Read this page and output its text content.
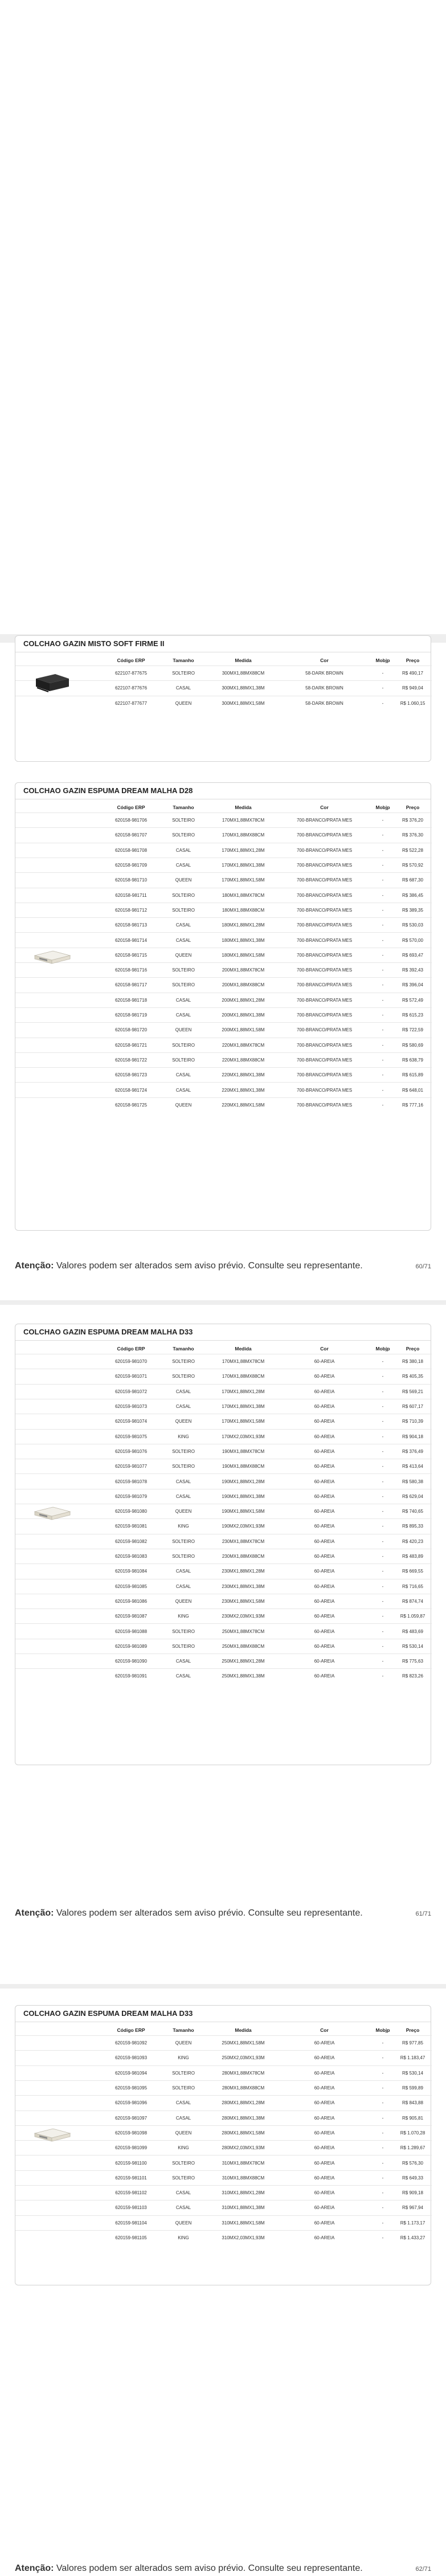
COLCHAO GAZIN MISTO SOFT FIRME II
Código ERP	Tamanho	Medida	Cor	Mobjp	Preço
622107-877675	SOLTEIRO	300MX1,88MX88CM	58-DARK BROWN	-	R$ 490,17
622107-877676	CASAL	300MX1,88MX1,38M	58-DARK BROWN	-	R$ 949,04
622107-877677	QUEEN	300MX1,88MX1,58M	58-DARK BROWN	-	R$ 1.060,15
COLCHAO GAZIN ESPUMA DREAM MALHA D28
Código ERP	Tamanho	Medida	Cor	Mobjp	Preço
620158-981706	SOLTEIRO	170MX1,88MX78CM	700-BRANCO/PRATA MES	-	R$ 376,20
620158-981707	SOLTEIRO	170MX1,88MX88CM	700-BRANCO/PRATA MES	-	R$ 376,30
620158-981708	CASAL	170MX1,88MX1,28M	700-BRANCO/PRATA MES	-	R$ 522,28
620158-981709	CASAL	170MX1,88MX1,38M	700-BRANCO/PRATA MES	-	R$ 570,92
620158-981710	QUEEN	170MX1,88MX1,58M	700-BRANCO/PRATA MES	-	R$ 687,30
620158-981711	SOLTEIRO	180MX1,88MX78CM	700-BRANCO/PRATA MES	-	R$ 386,45
620158-981712	SOLTEIRO	180MX1,88MX88CM	700-BRANCO/PRATA MES	-	R$ 389,35
620158-981713	CASAL	180MX1,88MX1,28M	700-BRANCO/PRATA MES	-	R$ 530,03
620158-981714	CASAL	180MX1,88MX1,38M	700-BRANCO/PRATA MES	-	R$ 570,00
620158-981715	QUEEN	180MX1,88MX1,58M	700-BRANCO/PRATA MES	-	R$ 693,47
620158-981716	SOLTEIRO	200MX1,88MX78CM	700-BRANCO/PRATA MES	-	R$ 392,43
620158-981717	SOLTEIRO	200MX1,88MX88CM	700-BRANCO/PRATA MES	-	R$ 396,04
620158-981718	CASAL	200MX1,88MX1,28M	700-BRANCO/PRATA MES	-	R$ 572,49
620158-981719	CASAL	200MX1,88MX1,38M	700-BRANCO/PRATA MES	-	R$ 615,23
620158-981720	QUEEN	200MX1,88MX1,58M	700-BRANCO/PRATA MES	-	R$ 722,59
620158-981721	SOLTEIRO	220MX1,88MX78CM	700-BRANCO/PRATA MES	-	R$ 580,69
620158-981722	SOLTEIRO	220MX1,88MX88CM	700-BRANCO/PRATA MES	-	R$ 638,79
620158-981723	CASAL	220MX1,88MX1,38M	700-BRANCO/PRATA MES	-	R$ 615,89
620158-981724	CASAL	220MX1,88MX1,38M	700-BRANCO/PRATA MES	-	R$ 648,01
620158-981725	QUEEN	220MX1,88MX1,58M	700-BRANCO/PRATA MES	-	R$ 777,16
Atenção: Valores podem ser alterados sem aviso prévio. Consulte seu representante.	60/71
COLCHAO GAZIN ESPUMA DREAM MALHA D33
Código ERP	Tamanho	Medida	Cor	Mobjp	Preço
620159-981070	SOLTEIRO	170MX1,88MX78CM	60-AREIA	-	R$ 380,18
620159-981071	SOLTEIRO	170MX1,88MX88CM	60-AREIA	-	R$ 405,35
620159-981072	CASAL	170MX1,88MX1,28M	60-AREIA	-	R$ 569,21
620159-981073	CASAL	170MX1,88MX1,38M	60-AREIA	-	R$ 607,17
620159-981074	QUEEN	170MX1,88MX1,58M	60-AREIA	-	R$ 710,39
620159-981075	KING	170MX2,03MX1,93M	60-AREIA	-	R$ 904,18
620159-981076	SOLTEIRO	190MX1,88MX78CM	60-AREIA	-	R$ 376,49
620159-981077	SOLTEIRO	190MX1,88MX88CM	60-AREIA	-	R$ 413,64
620159-981078	CASAL	190MX1,88MX1,28M	60-AREIA	-	R$ 580,38
620159-981079	CASAL	190MX1,88MX1,38M	60-AREIA	-	R$ 629,04
620159-981080	QUEEN	190MX1,88MX1,58M	60-AREIA	-	R$ 740,65
620159-981081	KING	190MX2,03MX1,93M	60-AREIA	-	R$ 895,33
620159-981082	SOLTEIRO	230MX1,88MX78CM	60-AREIA	-	R$ 420,23
620159-981083	SOLTEIRO	230MX1,88MX88CM	60-AREIA	-	R$ 483,89
620159-981084	CASAL	230MX1,88MX1,28M	60-AREIA	-	R$ 669,55
620159-981085	CASAL	230MX1,88MX1,38M	60-AREIA	-	R$ 716,65
620159-981086	QUEEN	230MX1,88MX1,58M	60-AREIA	-	R$ 874,74
620159-981087	KING	230MX2,03MX1,93M	60-AREIA	-	R$ 1.059,87
620159-981088	SOLTEIRO	250MX1,88MX78CM	60-AREIA	-	R$ 483,69
620159-981089	SOLTEIRO	250MX1,88MX88CM	60-AREIA	-	R$ 530,14
620159-981090	CASAL	250MX1,88MX1,28M	60-AREIA	-	R$ 775,63
620159-981091	CASAL	250MX1,88MX1,38M	60-AREIA	-	R$ 823,26
Atenção: Valores podem ser alterados sem aviso prévio. Consulte seu representante.	61/71
COLCHAO GAZIN ESPUMA DREAM MALHA D33
Código ERP	Tamanho	Medida	Cor	Mobjp	Preço
620159-981092	QUEEN	250MX1,88MX1,58M	60-AREIA	-	R$ 977,85
620159-981093	KING	250MX2,03MX1,93M	60-AREIA	-	R$ 1.183,47
620159-981094	SOLTEIRO	280MX1,88MX78CM	60-AREIA	-	R$ 530,14
620159-981095	SOLTEIRO	280MX1,88MX88CM	60-AREIA	-	R$ 599,89
620159-981096	CASAL	280MX1,88MX1,28M	60-AREIA	-	R$ 843,88
620159-981097	CASAL	280MX1,88MX1,38M	60-AREIA	-	R$ 905,81
620159-981098	QUEEN	280MX1,88MX1,58M	60-AREIA	-	R$ 1.070,28
620159-981099	KING	280MX2,03MX1,93M	60-AREIA	-	R$ 1.289,67
620159-981100	SOLTEIRO	310MX1,88MX78CM	60-AREIA	-	R$ 576,30
620159-981101	SOLTEIRO	310MX1,88MX88CM	60-AREIA	-	R$ 649,33
620159-981102	CASAL	310MX1,88MX1,28M	60-AREIA	-	R$ 909,18
620159-981103	CASAL	310MX1,88MX1,38M	60-AREIA	-	R$ 967,94
620159-981104	QUEEN	310MX1,88MX1,58M	60-AREIA	-	R$ 1.173,17
620159-981105	KING	310MX2,03MX1,93M	60-AREIA	-	R$ 1.433,27
Atenção: Valores podem ser alterados sem aviso prévio. Consulte seu representante.	62/71
